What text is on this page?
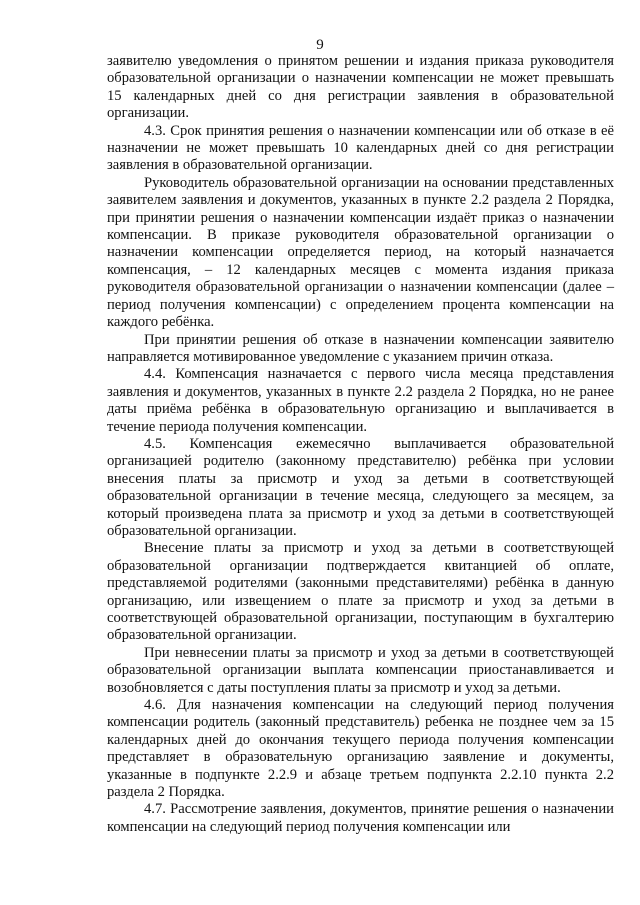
9

заявителю уведомления о принятом решении и издания приказа руководителя образовательной организации о назначении компенсации не может превышать 15 календарных дней со дня регистрации заявления в образовательной организации.

4.3. Срок принятия решения о назначении компенсации или об отказе в её назначении не может превышать 10 календарных дней со дня регистрации заявления в образовательной организации.

Руководитель образовательной организации на основании представленных заявителем заявления и документов, указанных в пункте 2.2 раздела 2 Порядка, при принятии решения о назначении компенсации издаёт приказ о назначении компенсации. В приказе руководителя образовательной организации о назначении компенсации определяется период, на который назначается компенсация, – 12 календарных месяцев с момента издания приказа руководителя образовательной организации о назначении компенсации (далее – период получения компенсации) с определением процента компенсации на каждого ребёнка.

При принятии решения об отказе в назначении компенсации заявителю направляется мотивированное уведомление с указанием причин отказа.

4.4. Компенсация назначается с первого числа месяца представления заявления и документов, указанных в пункте 2.2 раздела 2 Порядка, но не ранее даты приёма ребёнка в образовательную организацию и выплачивается в течение периода получения компенсации.

4.5. Компенсация ежемесячно выплачивается образовательной организацией родителю (законному представителю) ребёнка при условии внесения платы за присмотр и уход за детьми в соответствующей образовательной организации в течение месяца, следующего за месяцем, за который произведена плата за присмотр и уход за детьми в соответствующей образовательной организации.

Внесение платы за присмотр и уход за детьми в соответствующей образовательной организации подтверждается квитанцией об оплате, представляемой родителями (законными представителями) ребёнка в данную организацию, или извещением о плате за присмотр и уход за детьми в соответствующей образовательной организации, поступающим в бухгалтерию образовательной организации.

При невнесении платы за присмотр и уход за детьми в соответствующей образовательной организации выплата компенсации приостанавливается и возобновляется с даты поступления платы за присмотр и уход за детьми.

4.6. Для назначения компенсации на следующий период получения компенсации родитель (законный представитель) ребенка не позднее чем за 15 календарных дней до окончания текущего периода получения компенсации представляет в образовательную организацию заявление и документы, указанные в подпункте 2.2.9 и абзаце третьем подпункта 2.2.10 пункта 2.2 раздела 2 Порядка.

4.7. Рассмотрение заявления, документов, принятие решения о назначении компенсации на следующий период получения компенсации или
